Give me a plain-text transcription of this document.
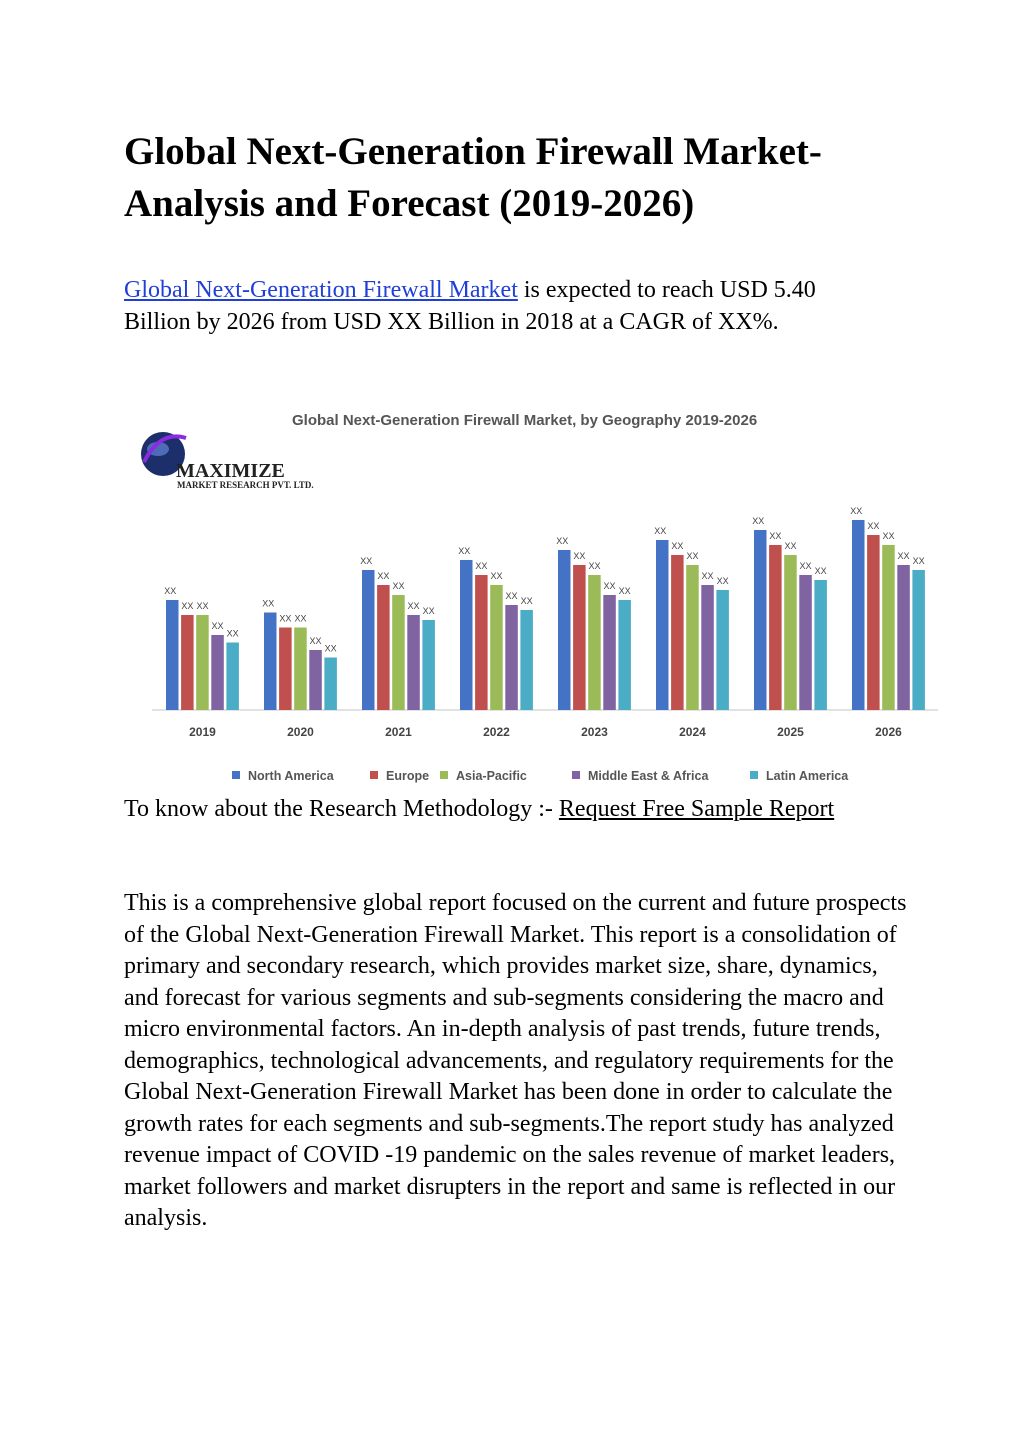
Global Next-Generation Firewall Market-
Analysis and Forecast (2019-2026)

Global Next-Generation Firewall Market is expected to reach USD 5.40 Billion by 2026 from USD XX Billion in 2018 at a CAGR of XX%.

MAXIMIZE
MARKET RESEARCH PVT. LTD.
Global Next-Generation Firewall Market, by Geography 2019-2026
XX
XX XX
XX
XX
2019
XX
XX XX
XX
XX
2020
XX
XX
XX
XX XX
2021
XX
XX
XX
XX XX
2022
XX
XX
XX
XX XX
2023
XX
XX
XX
XX XX
2024
XX
XX
XX
XX XX
2025
XX
XX
XX
XX XX
2026
North America	Europe Asia-Pacific	Middle East & Africa	Latin America

To know about the Research Methodology :- Request Free Sample Report

This is a comprehensive global report focused on the current and future prospects of the Global Next-Generation Firewall Market. This report is a consolidation of primary and secondary research, which provides market size, share, dynamics, and forecast for various segments and sub-segments considering the macro and micro environmental factors. An in-depth analysis of past trends, future trends, demographics, technological advancements, and regulatory requirements for the Global Next-Generation Firewall Market has been done in order to calculate the growth rates for each segments and sub-segments.The report study has analyzed revenue impact of COVID -19 pandemic on the sales revenue of market leaders, market followers and market disrupters in the report and same is reflected in our analysis.
